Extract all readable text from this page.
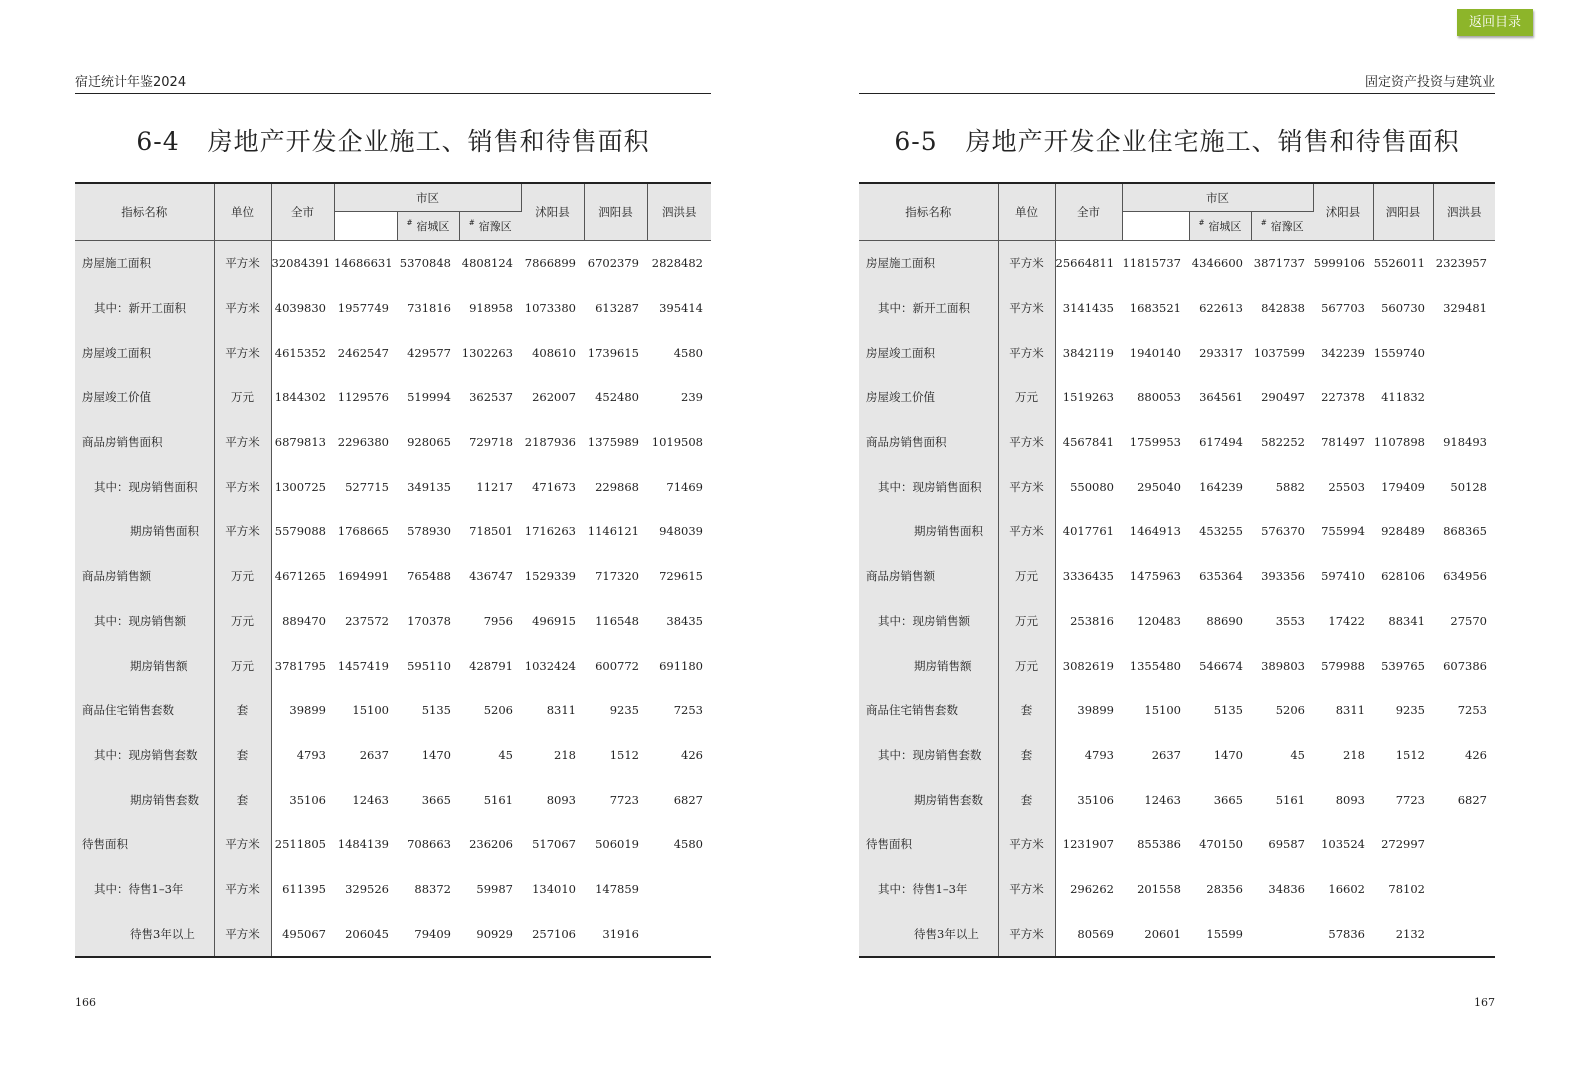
返回目录
宿迁统计年鉴2024
6-4 房地产开发企业施工、销售和待售面积
指标名称	单位	全市	市区			沭阳县	泗阳县	泗洪县
				# 宿城区	# 宿豫区			
房屋施工面积	平方米	32084391	14686631	5370848	4808124	7866899	6702379	2828482
其中：新开工面积	平方米	4039830	1957749	731816	918958	1073380	613287	395414
房屋竣工面积	平方米	4615352	2462547	429577	1302263	408610	1739615	4580
房屋竣工价值	万元	1844302	1129576	519994	362537	262007	452480	239
商品房销售面积	平方米	6879813	2296380	928065	729718	2187936	1375989	1019508
其中：现房销售面积	平方米	1300725	527715	349135	11217	471673	229868	71469
期房销售面积	平方米	5579088	1768665	578930	718501	1716263	1146121	948039
商品房销售额	万元	4671265	1694991	765488	436747	1529339	717320	729615
其中：现房销售额	万元	889470	237572	170378	7956	496915	116548	38435
期房销售额	万元	3781795	1457419	595110	428791	1032424	600772	691180
商品住宅销售套数	套	39899	15100	5135	5206	8311	9235	7253
其中：现房销售套数	套	4793	2637	1470	45	218	1512	426
期房销售套数	套	35106	12463	3665	5161	8093	7723	6827
待售面积	平方米	2511805	1484139	708663	236206	517067	506019	4580
其中：待售1–3年	平方米	611395	329526	88372	59987	134010	147859	
待售3年以上	平方米	495067	206045	79409	90929	257106	31916	
166
固定资产投资与建筑业
6-5 房地产开发企业住宅施工、销售和待售面积
指标名称	单位	全市	市区			沭阳县	泗阳县	泗洪县
				# 宿城区	# 宿豫区			
房屋施工面积	平方米	25664811	11815737	4346600	3871737	5999106	5526011	2323957
其中：新开工面积	平方米	3141435	1683521	622613	842838	567703	560730	329481
房屋竣工面积	平方米	3842119	1940140	293317	1037599	342239	1559740	
房屋竣工价值	万元	1519263	880053	364561	290497	227378	411832	
商品房销售面积	平方米	4567841	1759953	617494	582252	781497	1107898	918493
其中：现房销售面积	平方米	550080	295040	164239	5882	25503	179409	50128
期房销售面积	平方米	4017761	1464913	453255	576370	755994	928489	868365
商品房销售额	万元	3336435	1475963	635364	393356	597410	628106	634956
其中：现房销售额	万元	253816	120483	88690	3553	17422	88341	27570
期房销售额	万元	3082619	1355480	546674	389803	579988	539765	607386
商品住宅销售套数	套	39899	15100	5135	5206	8311	9235	7253
其中：现房销售套数	套	4793	2637	1470	45	218	1512	426
期房销售套数	套	35106	12463	3665	5161	8093	7723	6827
待售面积	平方米	1231907	855386	470150	69587	103524	272997	
其中：待售1–3年	平方米	296262	201558	28356	34836	16602	78102	
待售3年以上	平方米	80569	20601	15599		57836	2132	
167
